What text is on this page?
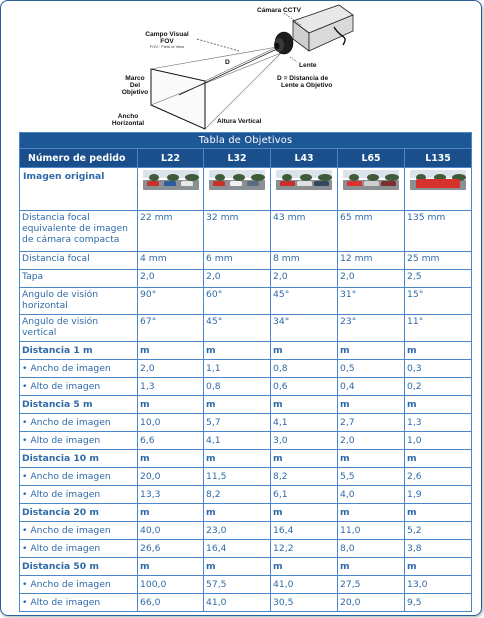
Cámara CCTV
Campo Visual
FOV
FOV : Field of View
D	Lente
D = Distancia de
Lente a Objetivo
Marco
Del
Objetivo
Ancho
Horizontal	Altura Vertical
Tabla de Objetivos					
Número de pedido	L22	L32	L43	L65	L135
Imagen original	

Distancia focal equivalente de imagen de cámara compacta	22 mm	32 mm	43 mm	65 mm	135 mm
Distancia focal	4 mm	6 mm	8 mm	12 mm	25 mm
Tapa	2,0	2,0	2,0	2,0	2,5
Angulo de visión horizontal	90°	60°	45°	31°	15°
Angulo de visión vertical	67°	45°	34°	23°	11°
Distancia 1 m	m	m	m	m	m
• Ancho de imagen	2,0	1,1	0,8	0,5	0,3
• Alto de imagen	1,3	0,8	0,6	0,4	0,2
Distancia 5 m	m	m	m	m	m
• Ancho de imagen	10,0	5,7	4,1	2,7	1,3
• Alto de imagen	6,6	4,1	3,0	2,0	1,0
Distancia 10 m	m	m	m	m	m
• Ancho de imagen	20,0	11,5	8,2	5,5	2,6
• Alto de imagen	13,3	8,2	6,1	4,0	1,9
Distancia 20 m	m	m	m	m	m
• Ancho de imagen	40,0	23,0	16,4	11,0	5,2
• Alto de imagen	26,6	16,4	12,2	8,0	3,8
Distancia 50 m	m	m	m	m	m
• Ancho de imagen	100,0	57,5	41,0	27,5	13,0
• Alto de imagen	66,0	41,0	30,5	20,0	9,5
